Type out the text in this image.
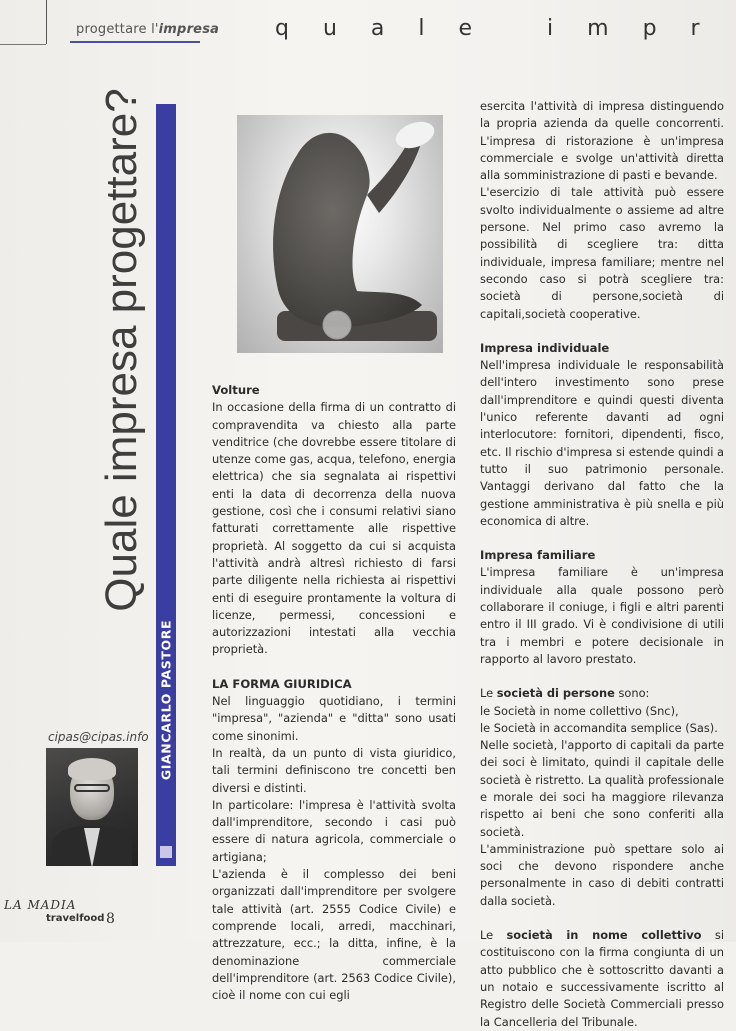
progettare l'impresa	quale impr
Quale impresa progettare?
GIANCARLO PASTORE
cipas@cipas.info
Volture

In occasione della firma di un contratto di compravendita va chiesto alla parte venditrice (che dovrebbe essere titolare di utenze come gas, acqua, telefono, energia elettrica) che sia segnalata ai rispettivi enti la data di decorrenza della nuova gestione, così che i consumi relativi siano fatturati correttamente alle rispettive proprietà. Al soggetto da cui si acquista l'attività andrà altresì richiesto di farsi parte diligente nella richiesta ai rispettivi enti di eseguire prontamente la voltura di licenze, permessi, concessioni e autorizzazioni intestati alla vecchia proprietà.

LA FORMA GIURIDICA

Nel linguaggio quotidiano, i termini "impresa", "azienda" e "ditta" sono usati come sinonimi.

In realtà, da un punto di vista giuridico, tali termini definiscono tre concetti ben diversi e distinti.

In particolare: l'impresa è l'attività svolta dall'imprenditore, secondo i casi può essere di natura agricola, commerciale o artigiana;

L'azienda è il complesso dei beni organizzati dall'imprenditore per svolgere tale attività (art. 2555 Codice Civile) e comprende locali, arredi, macchinari, attrezzature, ecc.; la ditta, infine, è la denominazione commerciale dell'imprenditore (art. 2563 Codice Civile), cioè il nome con cui egli

esercita l'attività di impresa distinguendo la propria azienda da quelle concorrenti. L'impresa di ristorazione è un'impresa commerciale e svolge un'attività diretta alla somministrazione di pasti e bevande.

L'esercizio di tale attività può essere svolto individualmente o assieme ad altre persone. Nel primo caso avremo la possibilità di scegliere tra: ditta individuale, impresa familiare; mentre nel secondo caso si potrà scegliere tra: società di persone,società di capitali,società cooperative.

Impresa individuale

Nell'impresa individuale le responsabilità dell'intero investimento sono prese dall'imprenditore e quindi questi diventa l'unico referente davanti ad ogni interlocutore: fornitori, dipendenti, fisco, etc. Il rischio d'impresa si estende quindi a tutto il suo patrimonio personale. Vantaggi derivano dal fatto che la gestione amministrativa è più snella e più economica di altre.

Impresa familiare

L'impresa familiare è un'impresa individuale alla quale possono però collaborare il coniuge, i figli e altri parenti entro il III grado. Vi è condivisione di utili tra i membri e potere decisionale in rapporto al lavoro prestato.

Le società di persone sono:

le Società in nome collettivo (Snc),

le Società in accomandita semplice (Sas).

Nelle società, l'apporto di capitali da parte dei soci è limitato, quindi il capitale delle società è ristretto. La qualità professionale e morale dei soci ha maggiore rilevanza rispetto ai beni che sono conferiti alla società.

L'amministrazione può spettare solo ai soci che devono rispondere anche personalmente in caso di debiti contratti dalla società.

Le società in nome collettivo si costituiscono con la firma congiunta di un atto pubblico che è sottoscritto davanti a un notaio e successivamente iscritto al Registro delle Società Commerciali presso la Cancelleria del Tribunale.

LA MADIA
travelfood 8
